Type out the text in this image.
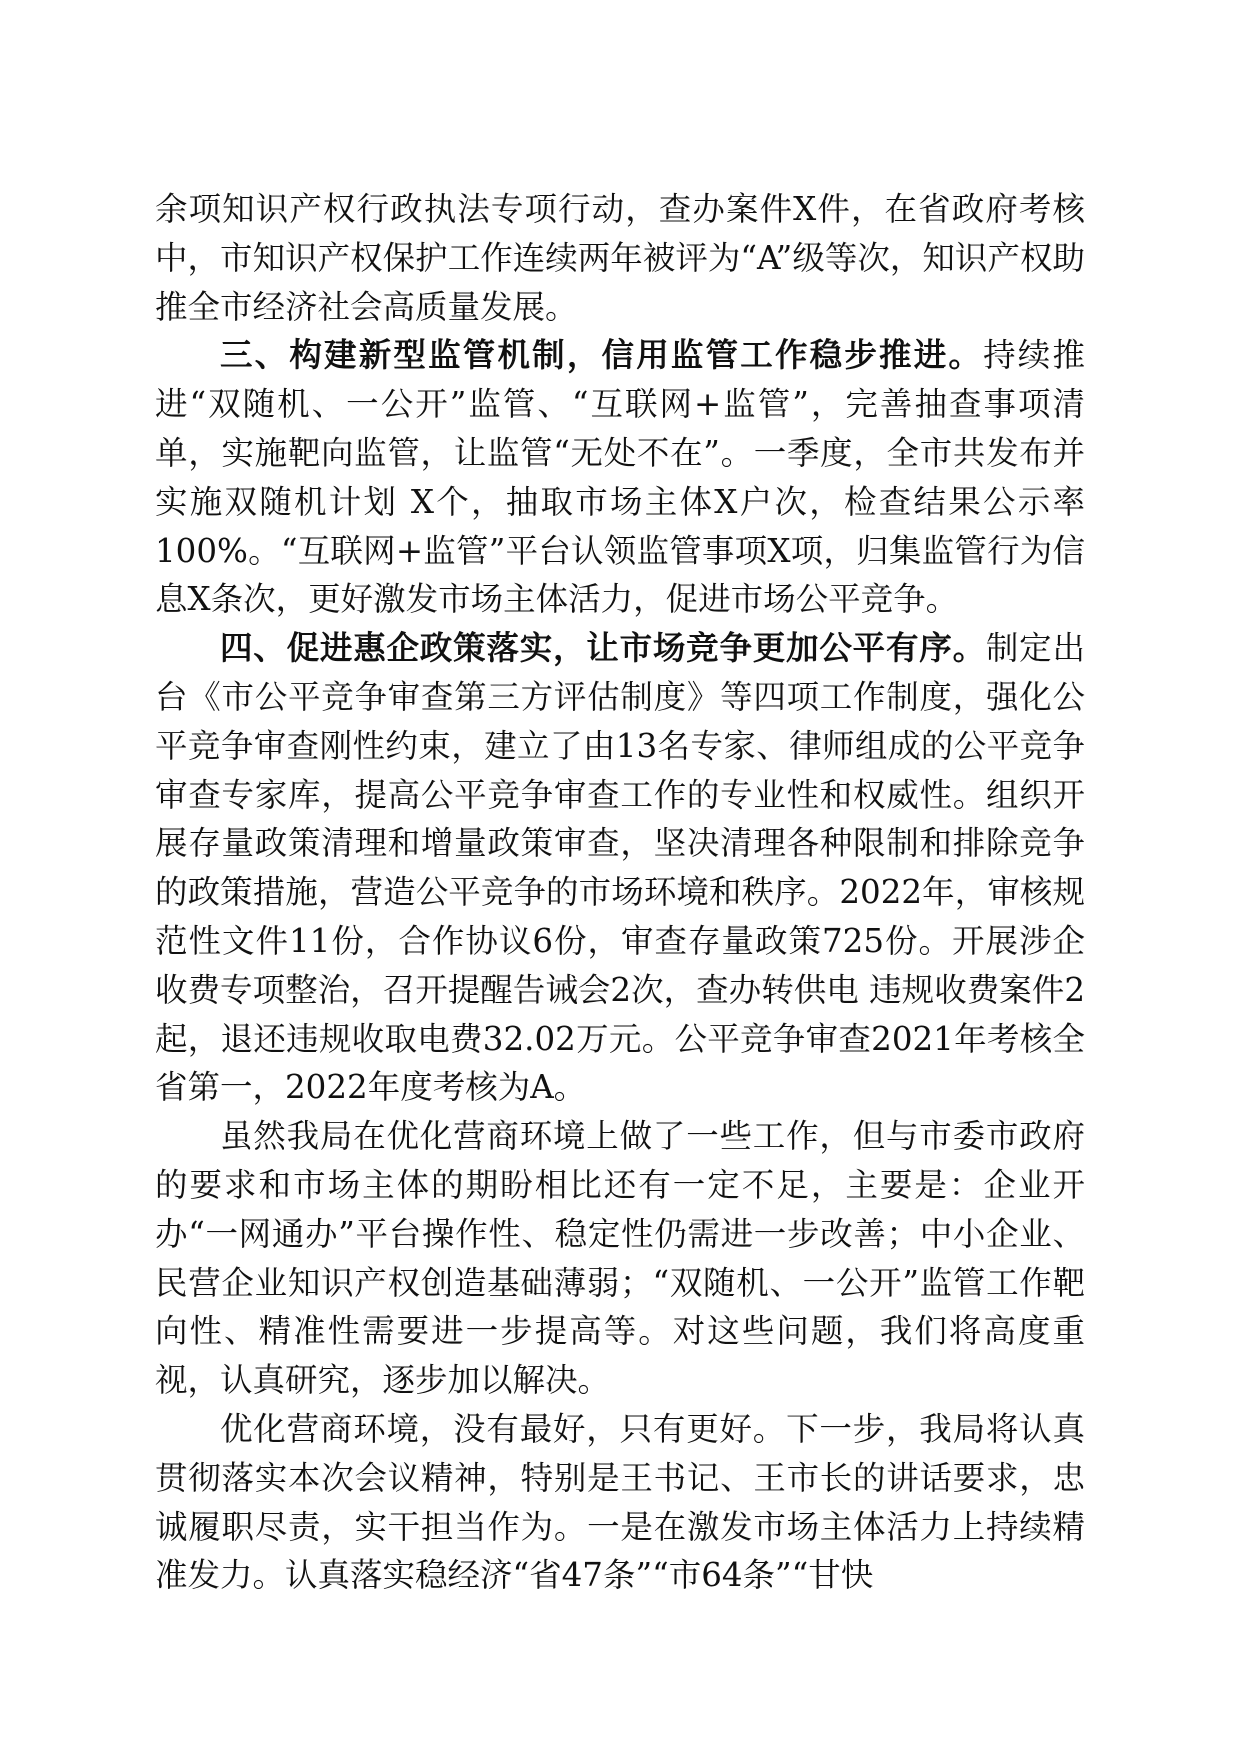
余项知识产权行政执法专项行动，查办案件X件，在省政府考核中，市知识产权保护工作连续两年被评为“A”级等次，知识产权助推全市经济社会高质量发展。

三、构建新型监管机制，信用监管工作稳步推进。持续推进“双随机、一公开”监管、“互联网+监管”，完善抽查事项清单，实施靶向监管，让监管“无处不在”。一季度，全市共发布并实施双随机计划 X个，抽取市场主体X户次，检查结果公示率100%。“互联网+监管”平台认领监管事项X项，归集监管行为信息X条次，更好激发市场主体活力，促进市场公平竞争。

四、促进惠企政策落实，让市场竞争更加公平有序。制定出台《市公平竞争审查第三方评估制度》等四项工作制度，强化公平竞争审查刚性约束，建立了由13名专家、律师组成的公平竞争审查专家库，提高公平竞争审查工作的专业性和权威性。组织开展存量政策清理和增量政策审查，坚决清理各种限制和排除竞争的政策措施，营造公平竞争的市场环境和秩序。2022年，审核规范性文件11份，合作协议6份，审查存量政策725份。开展涉企收费专项整治，召开提醒告诫会2次，查办转供电 违规收费案件2起，退还违规收取电费32.02万元。公平竞争审查2021年考核全省第一，2022年度考核为A。

虽然我局在优化营商环境上做了一些工作，但与市委市政府的要求和市场主体的期盼相比还有一定不足，主要是：企业开办“一网通办”平台操作性、稳定性仍需进一步改善；中小企业、民营企业知识产权创造基础薄弱；“双随机、一公开”监管工作靶向性、精准性需要进一步提高等。对这些问题，我们将高度重视，认真研究，逐步加以解决。

优化营商环境，没有最好，只有更好。下一步，我局将认真贯彻落实本次会议精神，特别是王书记、王市长的讲话要求，忠诚履职尽责，实干担当作为。一是在激发市场主体活力上持续精准发力。认真落实稳经济“省47条”“市64条”“甘快
